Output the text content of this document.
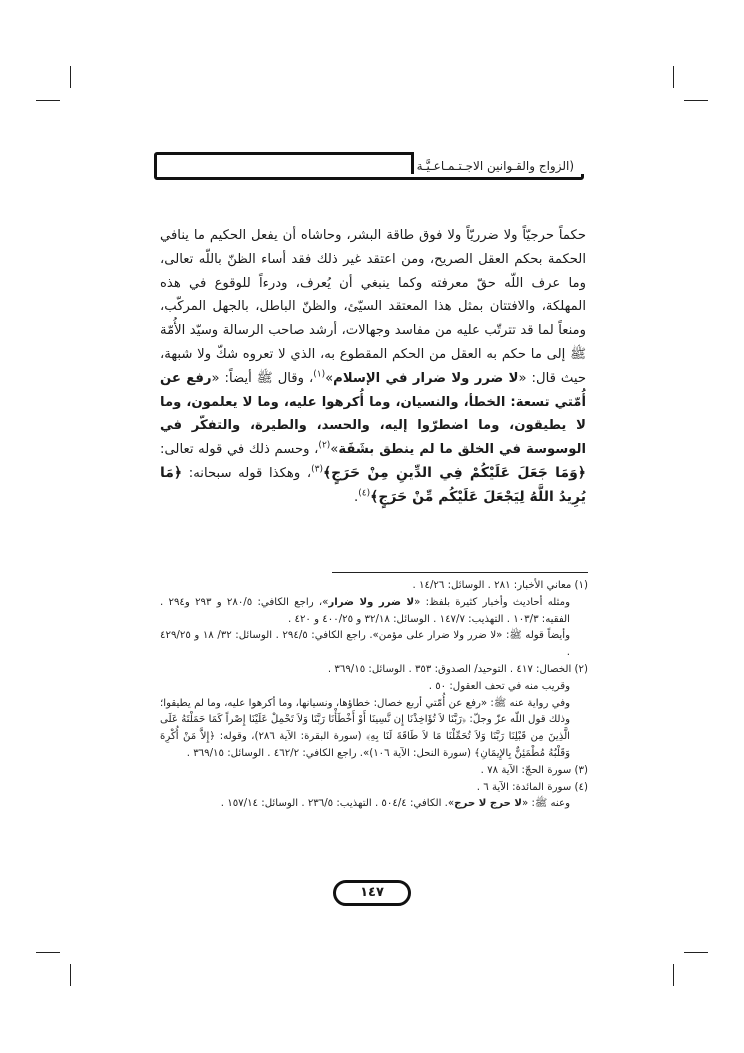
(الزواج والقـوانين الاجـتـمـاعـيَّـة

حكماً حرجيّاً ولا ضرريّاً ولا فوق طاقة البشر، وحاشاه أن يفعل الحكيم ما ينافي الحكمة بحكم العقل الصريح، ومن اعتقد غير ذلك فقد أساء الظنّ باللّه تعالى، وما عرف اللّه حقّ معرفته وكما ينبغي أن يُعرف، ودرءاً للوقوع في هذه المهلكة، والافتتان بمثل هذا المعتقد السيّئ، والظنّ الباطل، بالجهل المركّب، ومنعاً لما قد تترتّب عليه من مفاسد وجهالات، أرشد صاحب الرسالة وسيّد الأُمّة ﷺ إلى ما حكم به العقل من الحكم المقطوع به، الذي لا تعروه شكّ ولا شبهة، حيث قال: «لا ضرر ولا ضرار في الإسلام»$^{(١)}$، وقال ﷺ أيضاً: «رفع عن أُمّتي تسعة: الخطأ، والنسيان، وما أُكرهوا عليه، وما لا يعلمون، وما لا يطيقون، وما اضطرّوا إليه، والحسد، والطيرة، والتفكّر في الوسوسة في الخلق ما لم ينطق بشَفَة»$^{(٢)}$، وحسم ذلك في قوله تعالى: ﴿وَمَا جَعَلَ عَلَيْكُمْ فِي الدِّينِ مِنْ حَرَجٍ﴾$^{(٣)}$، وهكذا قوله سبحانه: ﴿مَا يُرِيدُ اللَّهُ لِيَجْعَلَ عَلَيْكُم مِّنْ حَرَجٍ﴾$^{(٤)}$.

(١) معاني الأخبار: ٢٨١ . الوسائل: ١٤/٢٦ .

ومثله أحاديث وأخبار كثيرة بلفظ: «لا ضرر ولا ضرار»، راجع الكافي: ٢٨٠/٥ و ٢٩٣ و٢٩٤ . الفقيه: ١٠٣/٣ . التهذيب: ١٤٧/٧ . الوسائل: ٣٢/١٨ و ٤٠٠/٢٥ و ٤٢٠ .

وأيضاً قوله ﷺ: «لا ضرر ولا ضرار على مؤمن». راجع الكافي: ٢٩٤/٥ . الوسائل: ٣٢/ ١٨ و ٤٢٩/٢٥ .

(٢) الخصال: ٤١٧ . التوحيد/ الصدوق: ٣٥٣ . الوسائل: ٣٦٩/١٥ .

وقريب منه في تحف العقول: ٥٠ .

وفي رواية عنه ﷺ: «رفع عن أُمّتي أربع خصال: خطاؤها، ونسيانها، وما أكرهوا عليه، وما لم يطيقوا؛ وذلك قول اللّه عزّ وجلّ: ﴿رَبَّنَا لاَ تُؤَاخِذْنَا إِن نَّسِينَا أَوْ أَخْطَأْنَا رَبَّنَا وَلاَ تَحْمِلْ عَلَيْنَا إِصْراً كَمَا حَمَلْتَهُ عَلَى الَّذِينَ مِن قَبْلِنَا رَبَّنَا وَلاَ تُحَمِّلْنَا مَا لاَ طَاقَةَ لَنَا بِهِ﴾ (سورة البقرة: الآية ٢٨٦)، وقوله: ﴿إِلاَّ مَنْ أُكْرِهَ وَقَلْبُهُ مُطْمَئِنٌّ بِالإِيمَانِ﴾ (سورة النحل: الآية ١٠٦)». راجع الكافي: ٤٦٢/٢ . الوسائل: ٣٦٩/١٥ .

(٣) سورة الحجّ: الآية ٧٨ .

(٤) سورة المائدة: الآية ٦ .

وعنه ﷺ: «لا حرج لا حرج». الكافي: ٥٠٤/٤ . التهذيب: ٢٣٦/٥ . الوسائل: ١٥٧/١٤ .

١٤٧
